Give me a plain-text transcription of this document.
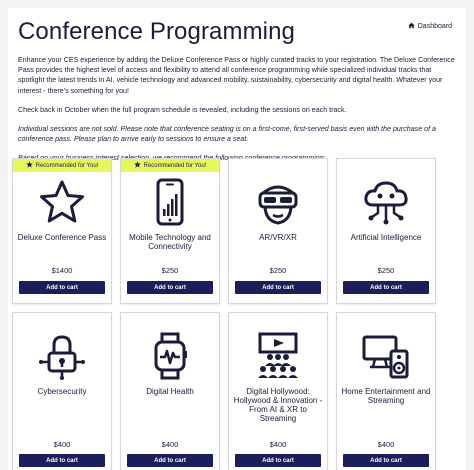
Conference Programming	Dashboard

Enhance your CES experience by adding the Deluxe Conference Pass or highly curated tracks to your registration. The Deluxe Conference Pass provides the highest level of access and flexibility to attend all conference programming while specialized individual tracks that spotlight the latest trends in AI, vehicle technology and advanced mobility, sustainability, cybersecurity and digital health. Whatever your interest - there's something for you!

Check back in October when the full program schedule is revealed, including the sessions on each track.

Individual sessions are not sold. Please note that conference seating is on a first-come, first-served basis even with the purchase of a conference pass. Please plan to arrive early to sessions to ensure a seat.

Recommended for You!
Deluxe Conference Pass
$1400
Add to cart
Recommended for You!
Mobile Technology and Connectivity
$250
Add to cart
AR/VR/XR
$250
Add to cart
Artificial Intelligence
$250
Add to cart
Cybersecurity
$400
Add to cart
Digital Health
$400
Add to cart
Digital Hollywood: Hollywood & Innovation - From AI & XR to Streaming
$400
Add to cart
Home Entertainment and Streaming
$400
Add to cart
